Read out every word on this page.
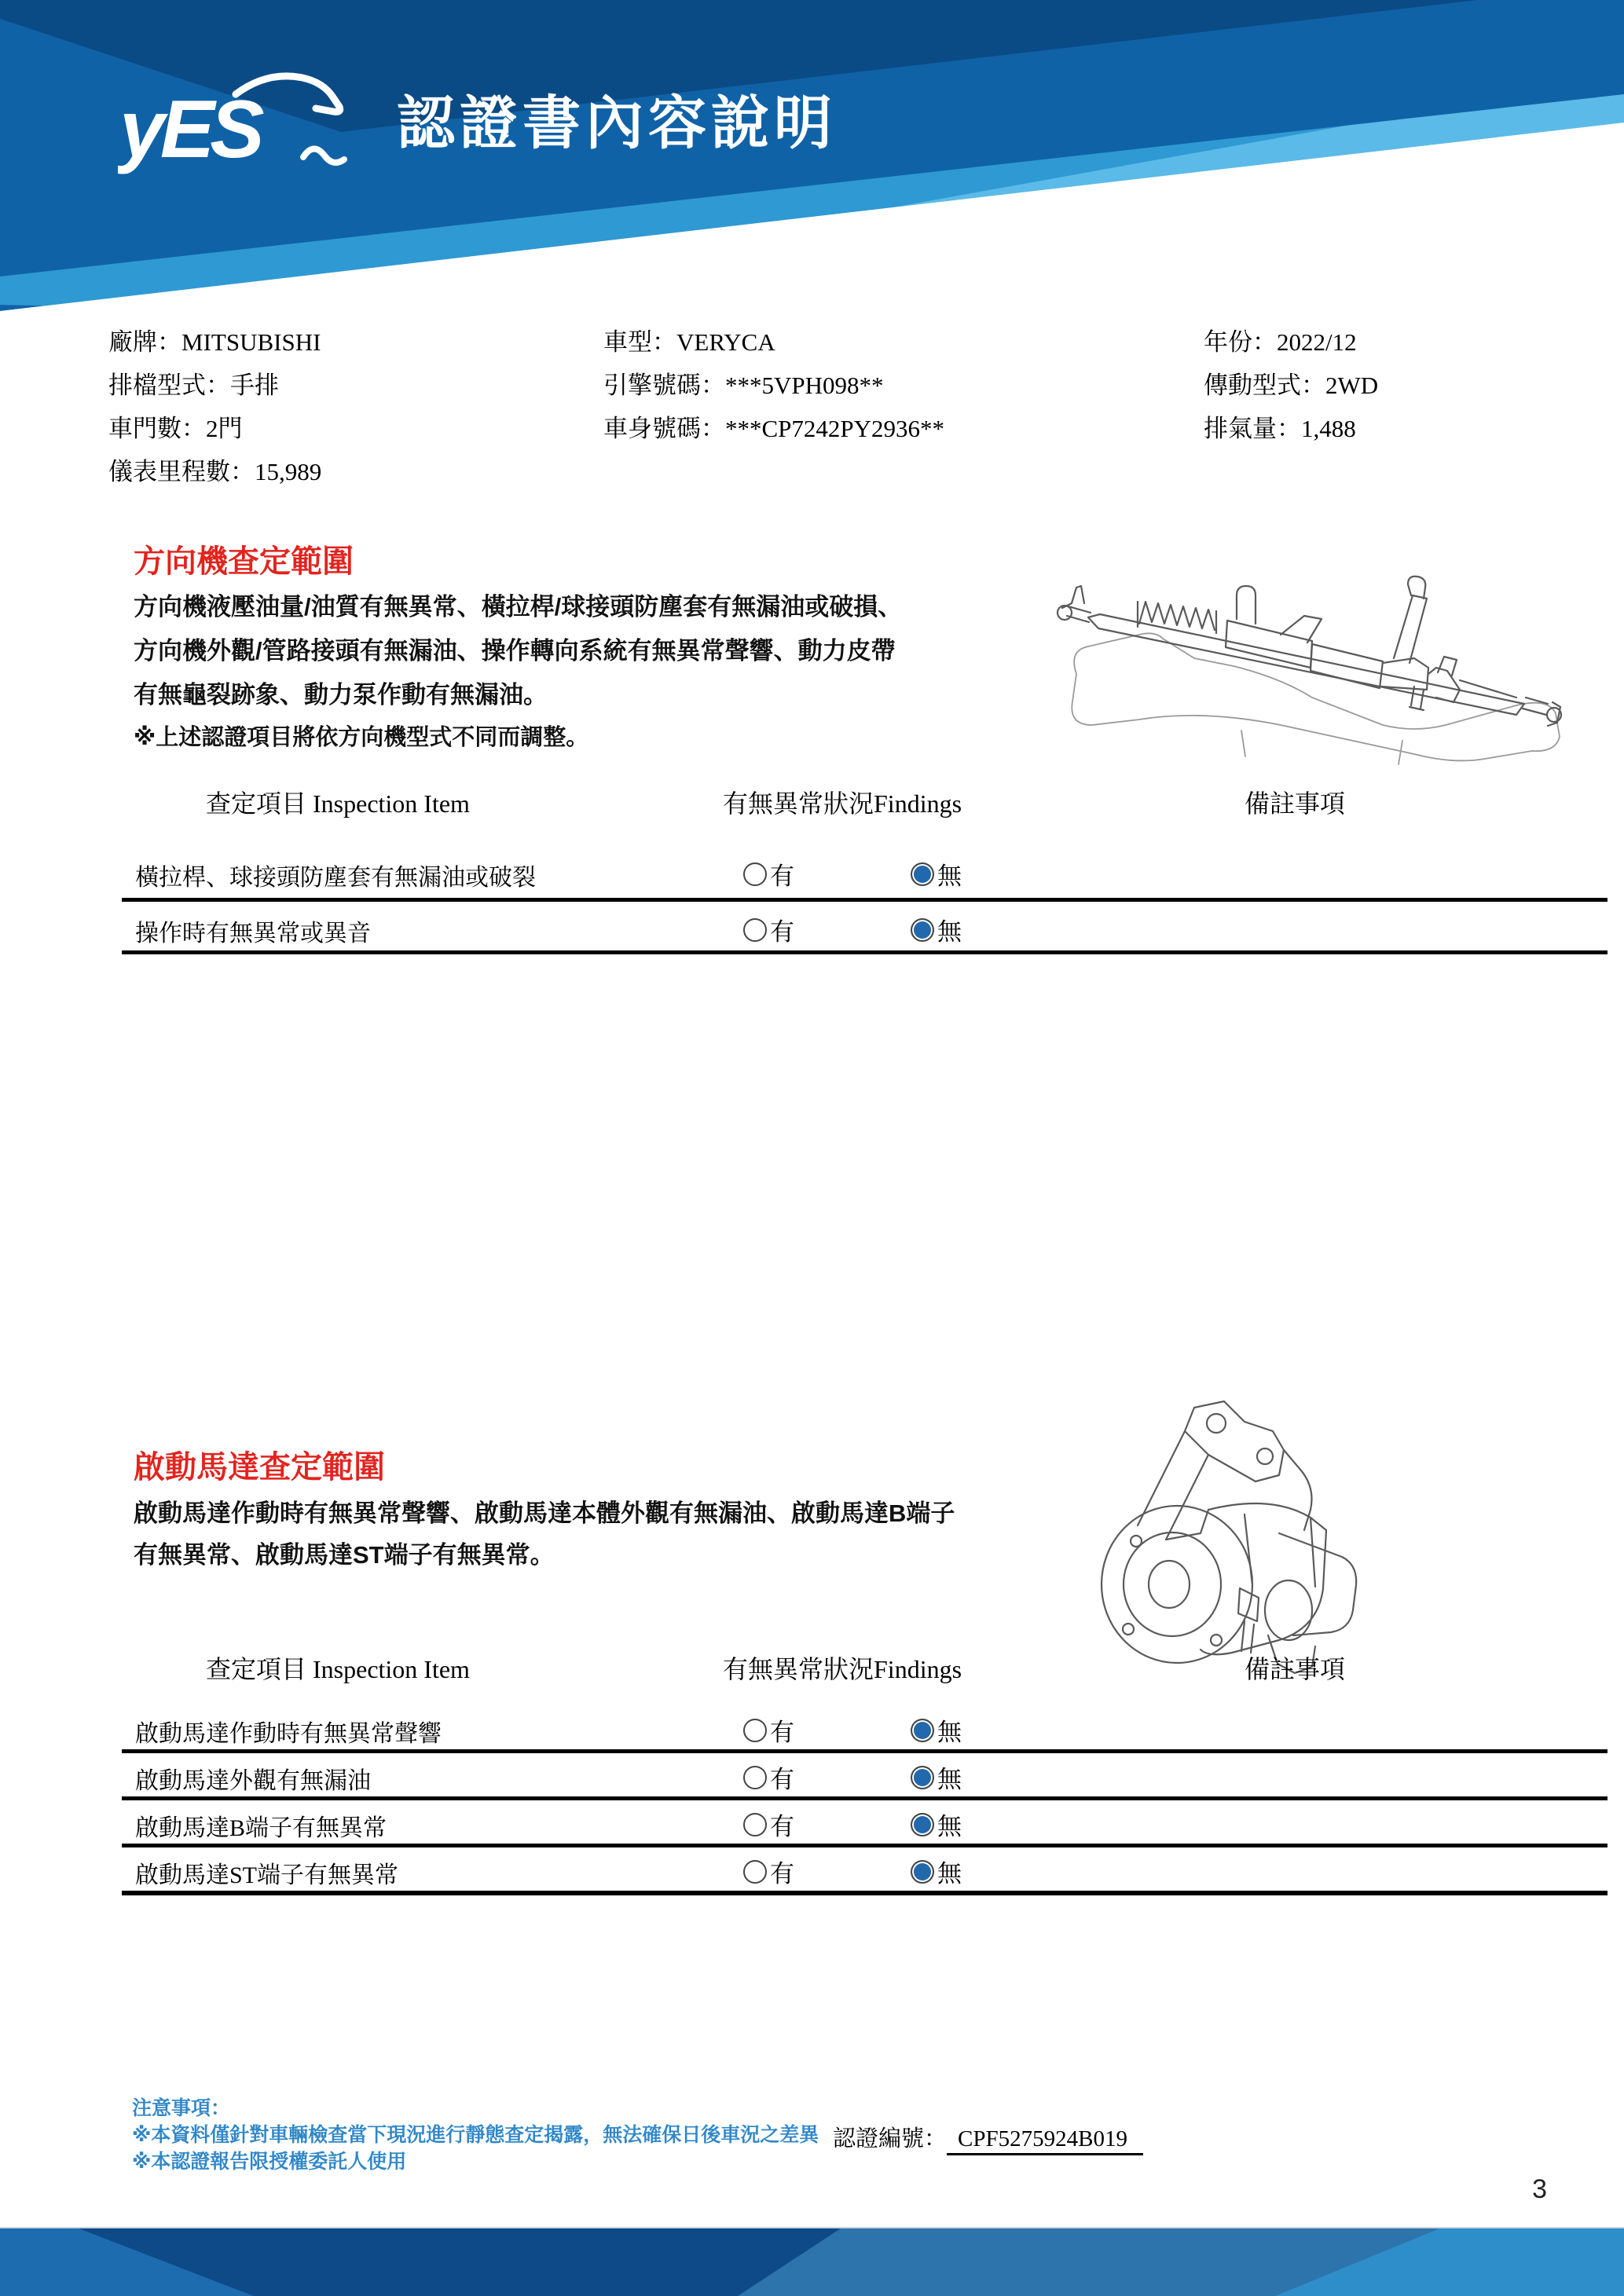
yES 認證書內容說明
廠牌：MITSUBISHI
排檔型式：手排
車門數：2門
儀表里程數：15,989
車型：VERYCA
引擎號碼：***5VPH098**
車身號碼：***CP7242PY2936**
年份：2022/12
傳動型式：2WD
排氣量：1,488
方向機查定範圍
方向機液壓油量/油質有無異常、橫拉桿/球接頭防塵套有無漏油或破損、
方向機外觀/管路接頭有無漏油、操作轉向系統有無異常聲響、動力皮帶
有無龜裂跡象、動力泵作動有無漏油。
※上述認證項目將依方向機型式不同而調整。
查定項目 Inspection Item	有無異常狀況Findings	備註事項
橫拉桿、球接頭防塵套有無漏油或破裂	有	無
操作時有無異常或異音	有	無
啟動馬達查定範圍
啟動馬達作動時有無異常聲響、啟動馬達本體外觀有無漏油、啟動馬達B端子
有無異常、啟動馬達ST端子有無異常。
查定項目 Inspection Item	有無異常狀況Findings	備註事項
啟動馬達作動時有無異常聲響	有	無
啟動馬達外觀有無漏油	有	無
啟動馬達B端子有無異常	有	無
啟動馬達ST端子有無異常	有	無
注意事項：
※本資料僅針對車輛檢查當下現況進行靜態查定揭露，無法確保日後車況之差異
※本認證報告限授權委託人使用
認證編號： CPF5275924B019
3
